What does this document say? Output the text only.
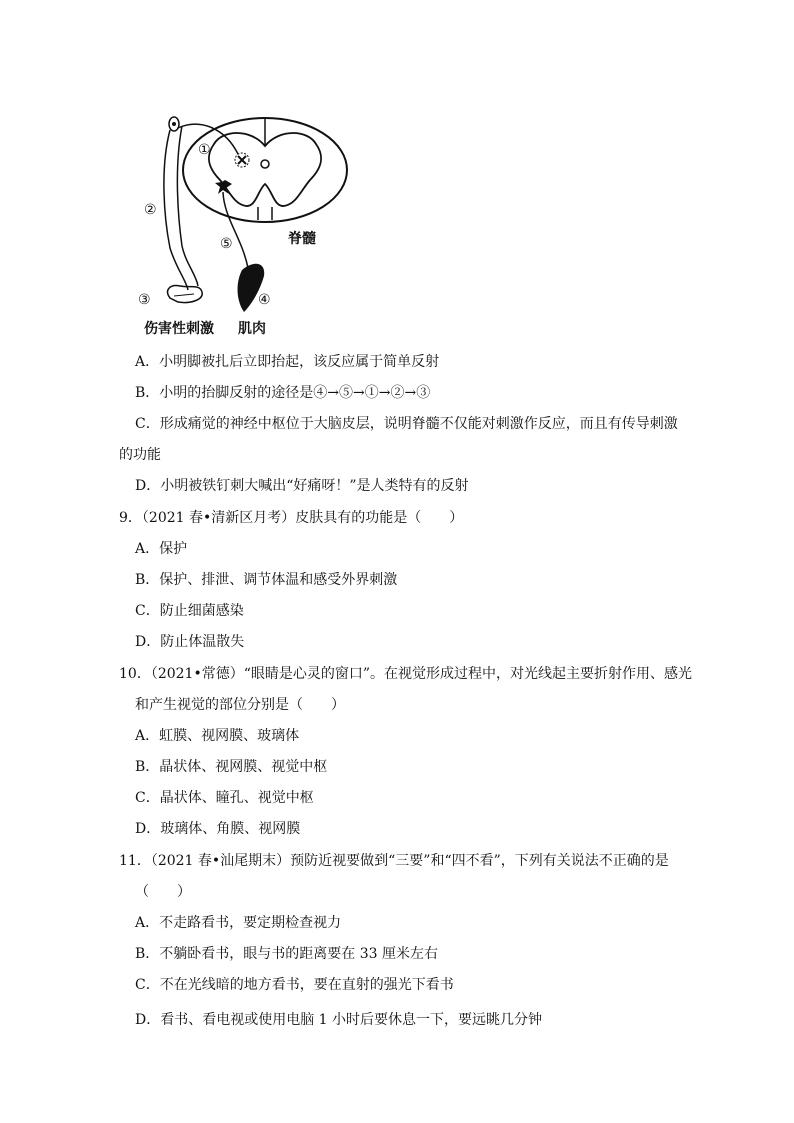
①
②
③	④
⑤	脊髓
伤害性刺激 肌肉
A．小明脚被扎后立即抬起，该反应属于简单反射
B．小明的抬脚反射的途径是④→⑤→①→②→③
C．形成痛觉的神经中枢位于大脑皮层，说明脊髓不仅能对刺激作反应，而且有传导刺激
的功能
D．小明被铁钉刺大喊出“好痛呀！”是人类特有的反射
9．（2021 春•清新区月考）皮肤具有的功能是（　　）
A．保护
B．保护、排泄、调节体温和感受外界刺激
C．防止细菌感染
D．防止体温散失
10．（2021•常德）“眼睛是心灵的窗口”。在视觉形成过程中，对光线起主要折射作用、感光
和产生视觉的部位分别是（　　）
A．虹膜、视网膜、玻璃体
B．晶状体、视网膜、视觉中枢
C．晶状体、瞳孔、视觉中枢
D．玻璃体、角膜、视网膜
11．（2021 春•汕尾期末）预防近视要做到“三要”和“四不看”，下列有关说法不正确的是
（　　）
A．不走路看书，要定期检查视力
B．不躺卧看书，眼与书的距离要在 33 厘米左右
C．不在光线暗的地方看书，要在直射的强光下看书
D．看书、看电视或使用电脑 1 小时后要休息一下，要远眺几分钟
